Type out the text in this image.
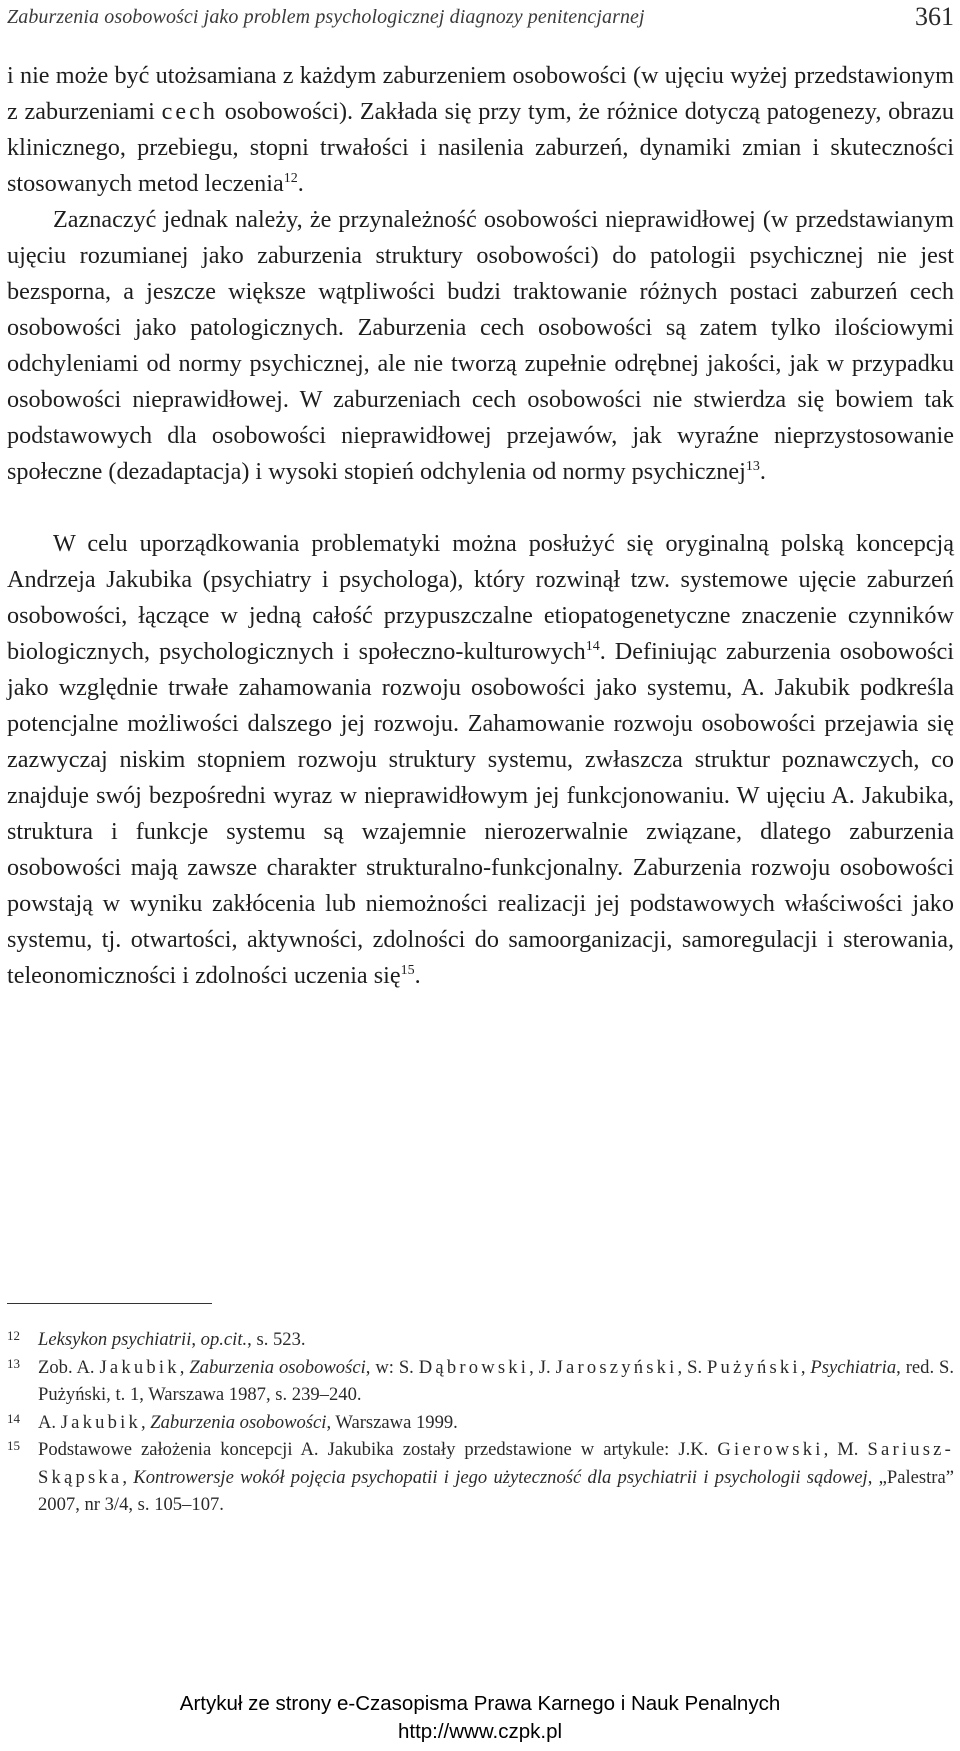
Zaburzenia osobowości jako problem psychologicznej diagnozy penitencjarnej	361

i nie może być utożsamiana z każdym zaburzeniem osobowości (w ujęciu wyżej przedstawionym z zaburzeniami cech osobowości). Zakłada się przy tym, że różnice dotyczą patogenezy, obrazu klinicznego, przebiegu, stopni trwałości i nasilenia zaburzeń, dynamiki zmian i skuteczności stosowanych metod leczenia$^{12}$.

Zaznaczyć jednak należy, że przynależność osobowości nieprawidłowej (w przedstawianym ujęciu rozumianej jako zaburzenia struktury osobowości) do patologii psychicznej nie jest bezsporna, a jeszcze większe wątpliwości budzi traktowanie różnych postaci zaburzeń cech osobowości jako patologicznych. Zaburzenia cech osobowości są zatem tylko ilościowymi odchyleniami od normy psychicznej, ale nie tworzą zupełnie odrębnej jakości, jak w przypadku osobowości nieprawidłowej. W zaburzeniach cech osobowości nie stwierdza się bowiem tak podstawowych dla osobowości nieprawidłowej przejawów, jak wyraźne nieprzystosowanie społeczne (dezadaptacja) i wysoki stopień odchylenia od normy psychicznej$^{13}$.

W celu uporządkowania problematyki można posłużyć się oryginalną polską koncepcją Andrzeja Jakubika (psychiatry i psychologa), który rozwinął tzw. systemowe ujęcie zaburzeń osobowości, łączące w jedną całość przypuszczalne etiopatogenetyczne znaczenie czynników biologicznych, psychologicznych i społeczno-kulturowych$^{14}$. Definiując zaburzenia osobowości jako względnie trwałe zahamowania rozwoju osobowości jako systemu, A. Jakubik podkreśla potencjalne możliwości dalszego jej rozwoju. Zahamowanie rozwoju osobowości przejawia się zazwyczaj niskim stopniem rozwoju struktury systemu, zwłaszcza struktur poznawczych, co znajduje swój bezpośredni wyraz w nieprawidłowym jej funkcjonowaniu. W ujęciu A. Jakubika, struktura i funkcje systemu są wzajemnie nierozerwalnie związane, dlatego zaburzenia osobowości mają zawsze charakter strukturalno-funkcjonalny. Zaburzenia rozwoju osobowości powstają w wyniku zakłócenia lub niemożności realizacji jej podstawowych właściwości jako systemu, tj. otwartości, aktywności, zdolności do samoorganizacji, samoregulacji i sterowania, teleonomiczności i zdolności uczenia się$^{15}$.

12 Leksykon psychiatrii, op.cit., s. 523.
13 Zob. A. Jakubik, Zaburzenia osobowości, w: S. Dąbrowski, J. Jaroszyński, S. Pużyński, Psychiatria, red. S. Pużyński, t. 1, Warszawa 1987, s. 239–240.
14 A. Jakubik, Zaburzenia osobowości, Warszawa 1999.
15 Podstawowe założenia koncepcji A. Jakubika zostały przedstawione w artykule: J.K. Gierowski, M. Sariusz-Skąpska, Kontrowersje wokół pojęcia psychopatii i jego użyteczność dla psychiatrii i psychologii sądowej, „Palestra” 2007, nr 3/4, s. 105–107.
Artykuł ze strony e-Czasopisma Prawa Karnego i Nauk Penalnych
http://www.czpk.pl
